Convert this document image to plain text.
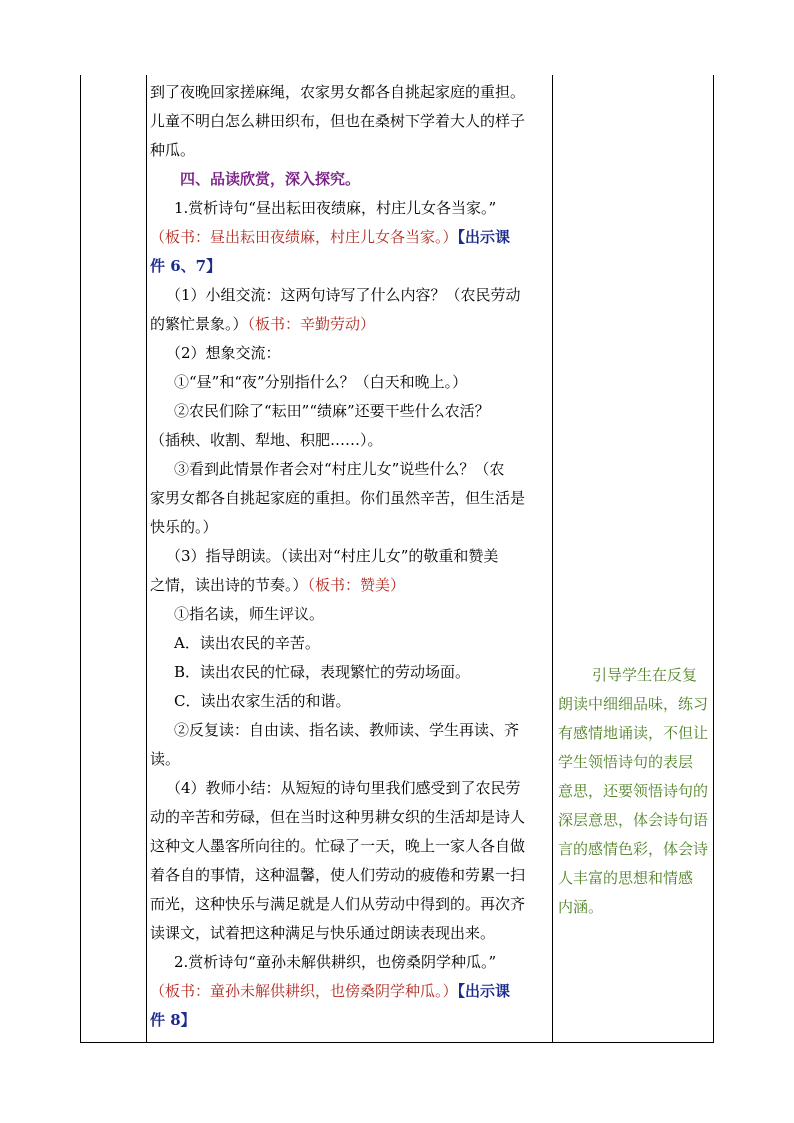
到了夜晚回家搓麻绳，农家男女都各自挑起家庭的重担。
儿童不明白怎么耕田织布，但也在桑树下学着大人的样子
种瓜。
四、品读欣赏，深入探究。
1.赏析诗句“昼出耘田夜绩麻，村庄儿女各当家。”
（板书：昼出耘田夜绩麻，村庄儿女各当家。）【出示课
件 6、7】
（1）小组交流：这两句诗写了什么内容？（农民劳动
的繁忙景象。）（板书：辛勤劳动）
（2）想象交流：
①“昼”和“夜”分别指什么？（白天和晚上。）
②农民们除了“耘田”“绩麻”还要干些什么农活？
（插秧、收割、犁地、积肥……）。
③看到此情景作者会对“村庄儿女”说些什么？（农
家男女都各自挑起家庭的重担。你们虽然辛苦，但生活是
快乐的。）
（3）指导朗读。（读出对“村庄儿女”的敬重和赞美
之情，读出诗的节奏。）（板书：赞美）
①指名读，师生评议。
A．读出农民的辛苦。
B．读出农民的忙碌，表现繁忙的劳动场面。
C．读出农家生活的和谐。
②反复读：自由读、指名读、教师读、学生再读、齐
读。
（4）教师小结：从短短的诗句里我们感受到了农民劳
动的辛苦和劳碌，但在当时这种男耕女织的生活却是诗人
这种文人墨客所向往的。忙碌了一天，晚上一家人各自做
着各自的事情，这种温馨，使人们劳动的疲倦和劳累一扫
而光，这种快乐与满足就是人们从劳动中得到的。再次齐
读课文，试着把这种满足与快乐通过朗读表现出来。
2.赏析诗句“童孙未解供耕织，也傍桑阴学种瓜。”
（板书：童孙未解供耕织，也傍桑阴学种瓜。）【出示课
件 8】
引导学生在反复
朗读中细细品味，练习
有感情地诵读，不但让
学生领悟诗句的表层
意思，还要领悟诗句的
深层意思，体会诗句语
言的感情色彩，体会诗
人丰富的思想和情感
内涵。
